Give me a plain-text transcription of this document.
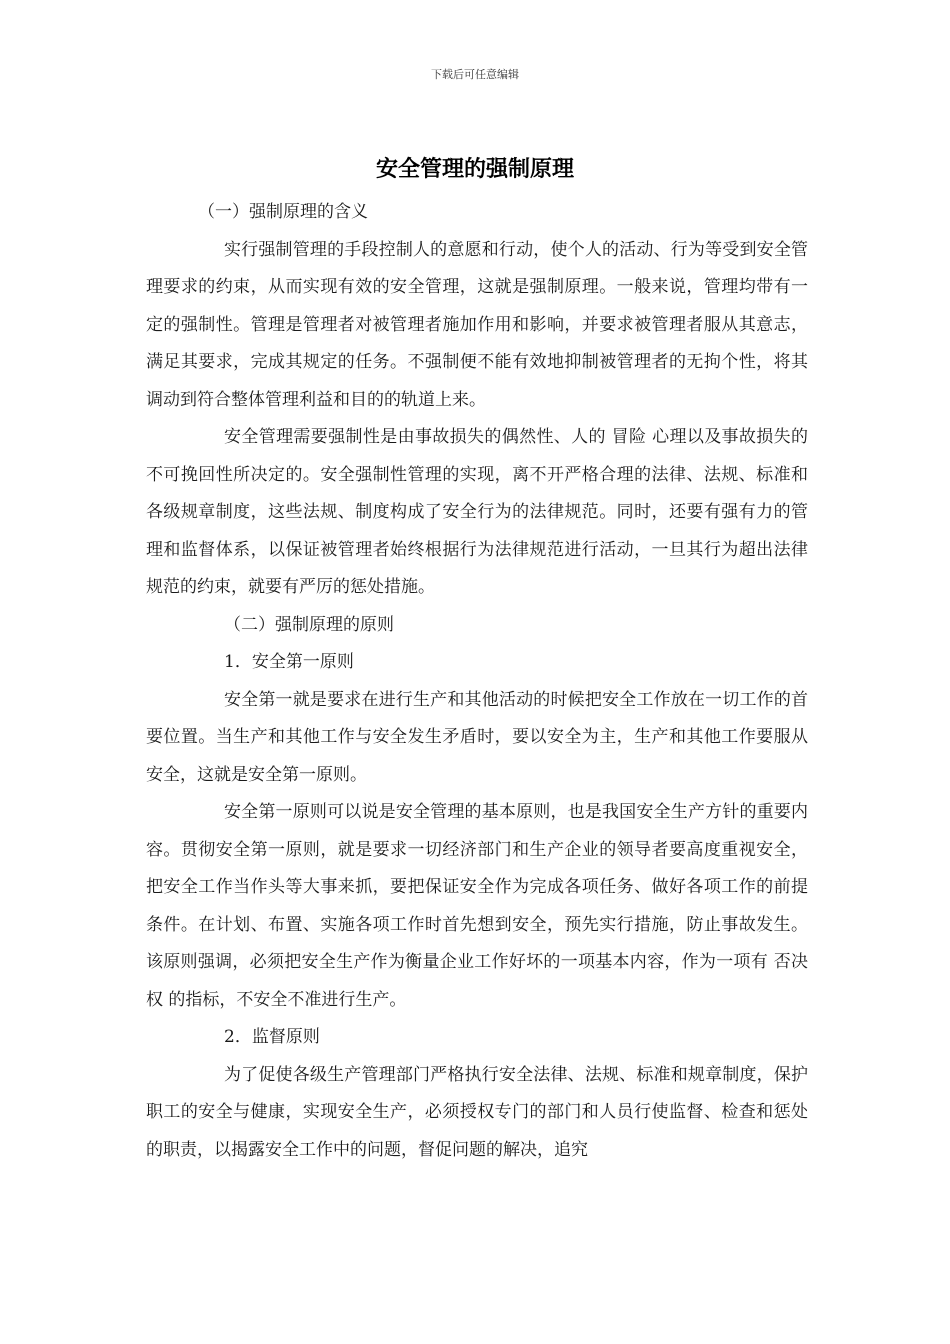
下载后可任意编辑
安全管理的强制原理

（一）强制原理的含义

实行强制管理的手段控制人的意愿和行动，使个人的活动、行为等受到安全管理要求的约束，从而实现有效的安全管理，这就是强制原理。一般来说，管理均带有一定的强制性。管理是管理者对被管理者施加作用和影响，并要求被管理者服从其意志，满足其要求，完成其规定的任务。不强制便不能有效地抑制被管理者的无拘个性，将其调动到符合整体管理利益和目的的轨道上来。

安全管理需要强制性是由事故损失的偶然性、人的 冒险 心理以及事故损失的不可挽回性所决定的。安全强制性管理的实现，离不开严格合理的法律、法规、标准和各级规章制度，这些法规、制度构成了安全行为的法律规范。同时，还要有强有力的管理和监督体系，以保证被管理者始终根据行为法律规范进行活动，一旦其行为超出法律规范的约束，就要有严厉的惩处措施。

（二）强制原理的原则

1．安全第一原则

安全第一就是要求在进行生产和其他活动的时候把安全工作放在一切工作的首要位置。当生产和其他工作与安全发生矛盾时，要以安全为主，生产和其他工作要服从安全，这就是安全第一原则。

安全第一原则可以说是安全管理的基本原则，也是我国安全生产方针的重要内容。贯彻安全第一原则，就是要求一切经济部门和生产企业的领导者要高度重视安全，把安全工作当作头等大事来抓，要把保证安全作为完成各项任务、做好各项工作的前提条件。在计划、布置、实施各项工作时首先想到安全，预先实行措施，防止事故发生。该原则强调，必须把安全生产作为衡量企业工作好坏的一项基本内容，作为一项有 否决权 的指标，不安全不准进行生产。

2．监督原则

为了促使各级生产管理部门严格执行安全法律、法规、标准和规章制度，保护职工的安全与健康，实现安全生产，必须授权专门的部门和人员行使监督、检查和惩处的职责，以揭露安全工作中的问题，督促问题的解决，追究
